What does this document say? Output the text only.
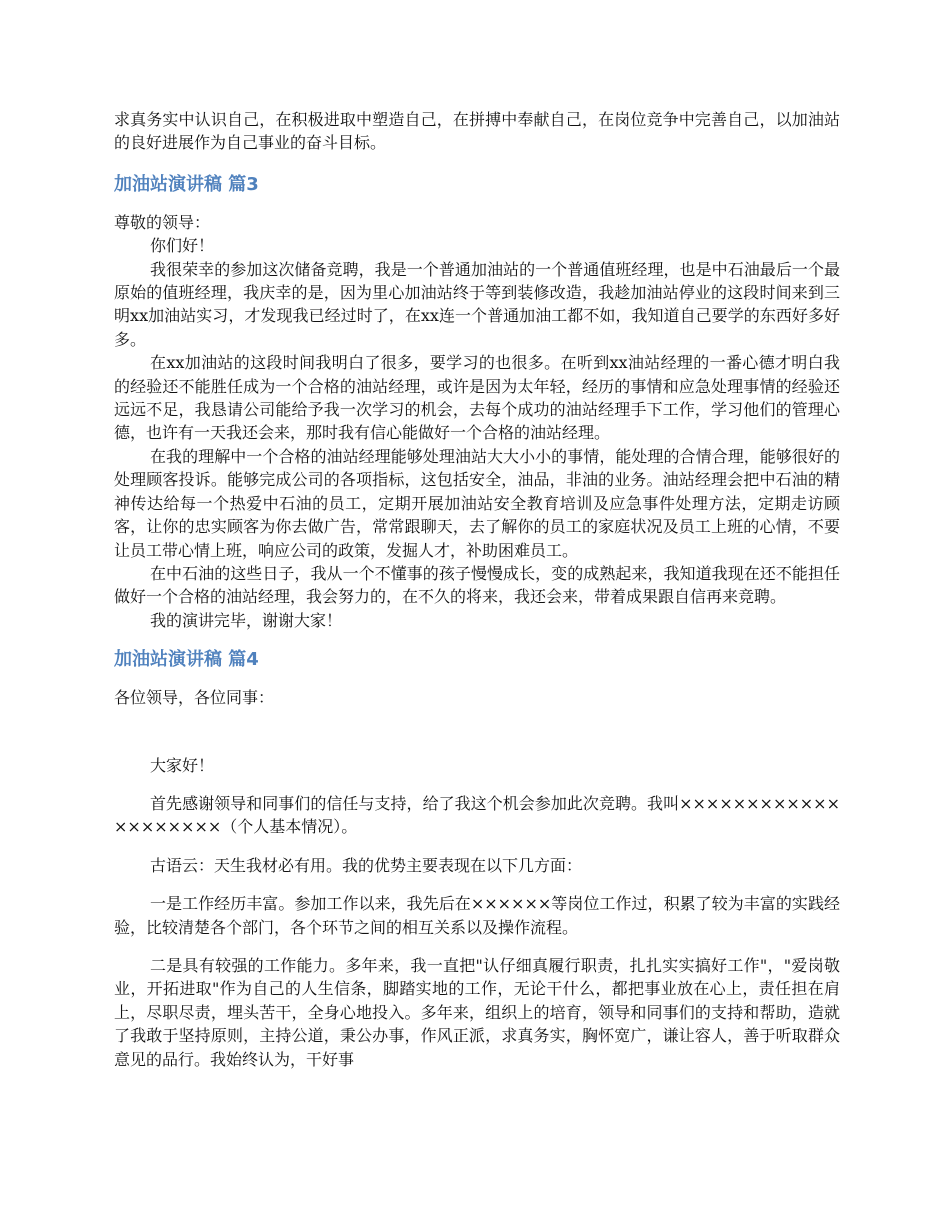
求真务实中认识自己，在积极进取中塑造自己，在拼搏中奉献自己，在岗位竞争中完善自己，以加油站的良好进展作为自己事业的奋斗目标。

加油站演讲稿 篇3

尊敬的领导：

你们好！

我很荣幸的参加这次储备竞聘，我是一个普通加油站的一个普通值班经理，也是中石油最后一个最原始的值班经理，我庆幸的是，因为里心加油站终于等到装修改造，我趁加油站停业的这段时间来到三明xx加油站实习，才发现我已经过时了，在xx连一个普通加油工都不如，我知道自己要学的东西好多好多。

在xx加油站的这段时间我明白了很多，要学习的也很多。在听到xx油站经理的一番心德才明白我的经验还不能胜任成为一个合格的油站经理，或许是因为太年轻，经历的事情和应急处理事情的经验还远远不足，我恳请公司能给予我一次学习的机会，去每个成功的油站经理手下工作，学习他们的管理心德，也许有一天我还会来，那时我有信心能做好一个合格的油站经理。

在我的理解中一个合格的油站经理能够处理油站大大小小的事情，能处理的合情合理，能够很好的处理顾客投诉。能够完成公司的各项指标，这包括安全，油品，非油的业务。油站经理会把中石油的精神传达给每一个热爱中石油的员工，定期开展加油站安全教育培训及应急事件处理方法，定期走访顾客，让你的忠实顾客为你去做广告，常常跟聊天，去了解你的员工的家庭状况及员工上班的心情，不要让员工带心情上班，响应公司的政策，发掘人才，补助困难员工。

在中石油的这些日子，我从一个不懂事的孩子慢慢成长，变的成熟起来，我知道我现在还不能担任做好一个合格的油站经理，我会努力的，在不久的将来，我还会来，带着成果跟自信再来竞聘。

我的演讲完毕，谢谢大家！

加油站演讲稿 篇4

各位领导，各位同事：

大家好！

首先感谢领导和同事们的信任与支持，给了我这个机会参加此次竞聘。我叫××××××××××××××××××××（个人基本情况）。

古语云：天生我材必有用。我的优势主要表现在以下几方面：

一是工作经历丰富。参加工作以来，我先后在××××××等岗位工作过，积累了较为丰富的实践经验，比较清楚各个部门，各个环节之间的相互关系以及操作流程。

二是具有较强的工作能力。多年来，我一直把"认仔细真履行职责，扎扎实实搞好工作"，"爱岗敬业，开拓进取"作为自己的人生信条，脚踏实地的工作，无论干什么，都把事业放在心上，责任担在肩上，尽职尽责，埋头苦干，全身心地投入。多年来，组织上的培育，领导和同事们的支持和帮助，造就了我敢于坚持原则，主持公道，秉公办事，作风正派，求真务实，胸怀宽广，谦让容人，善于听取群众意见的品行。我始终认为，干好事
